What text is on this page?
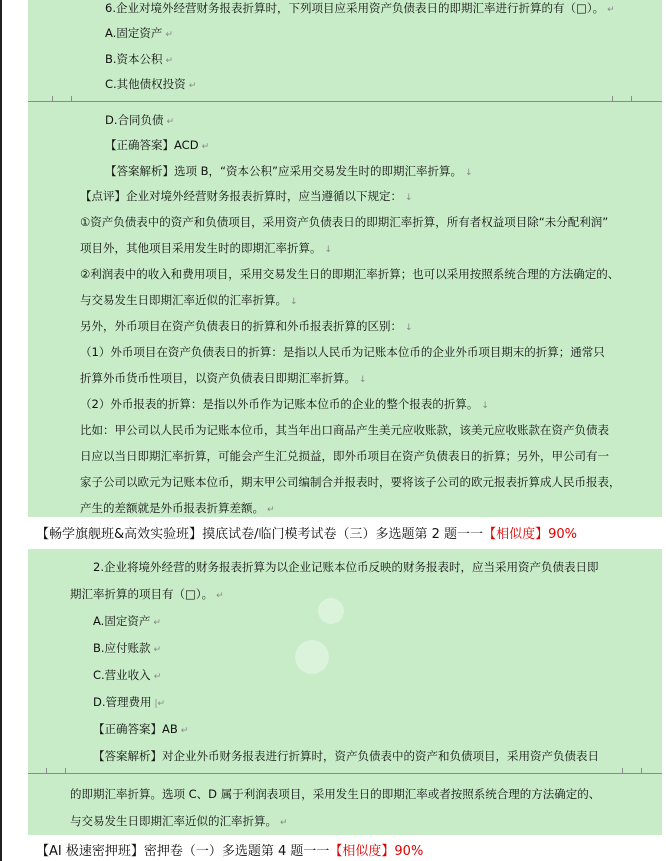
6.企业对境外经营财务报表折算时，下列项目应采用资产负债表日的即期汇率进行折算的有（□）。 ↵
A.固定资产 ↵
B.资本公积 ↵
C.其他债权投资 ↵
D.合同负债 ↵
【正确答案】ACD ↵
【答案解析】选项 B，“资本公积”应采用交易发生时的即期汇率折算。 ↓
【点评】企业对境外经营财务报表折算时，应当遵循以下规定： ↓
①资产负债表中的资产和负债项目，采用资产负债表日的即期汇率折算，所有者权益项目除“未分配利润”
项目外，其他项目采用发生时的即期汇率折算。 ↓
②利润表中的收入和费用项目，采用交易发生日的即期汇率折算；也可以采用按照系统合理的方法确定的、
与交易发生日即期汇率近似的汇率折算。 ↓
另外，外币项目在资产负债表日的折算和外币报表折算的区别： ↓
（1）外币项目在资产负债表日的折算：是指以人民币为记账本位币的企业外币项目期末的折算；通常只
折算外币货币性项目，以资产负债表日即期汇率折算。 ↓
（2）外币报表的折算：是指以外币作为记账本位币的企业的整个报表的折算。 ↓
比如：甲公司以人民币为记账本位币，其当年出口商品产生美元应收账款，该美元应收账款在资产负债表
日应以当日即期汇率折算，可能会产生汇兑损益，即外币项目在资产负债表日的折算；另外，甲公司有一
家子公司以欧元为记账本位币，期末甲公司编制合并报表时，要将该子公司的欧元报表折算成人民币报表，
产生的差额就是外币报表折算差额。 ↵
【畅学旗舰班&高效实验班】摸底试卷/临门模考试卷（三）多选题第 2 题一一【相似度】90%
2.企业将境外经营的财务报表折算为以企业记账本位币反映的财务报表时，应当采用资产负债表日即
期汇率折算的项目有（□）。 ↵
A.固定资产 ↵
B.应付账款 ↵
C.营业收入 ↵
D.管理费用 |↵
【正确答案】AB ↵
【答案解析】对企业外币财务报表进行折算时，资产负债表中的资产和负债项目，采用资产负债表日
的即期汇率折算。选项 C、D 属于利润表项目，采用发生日的即期汇率或者按照系统合理的方法确定的、
与交易发生日即期汇率近似的汇率折算。 ↵
【AI 极速密押班】密押卷（一）多选题第 4 题一一【相似度】90%
